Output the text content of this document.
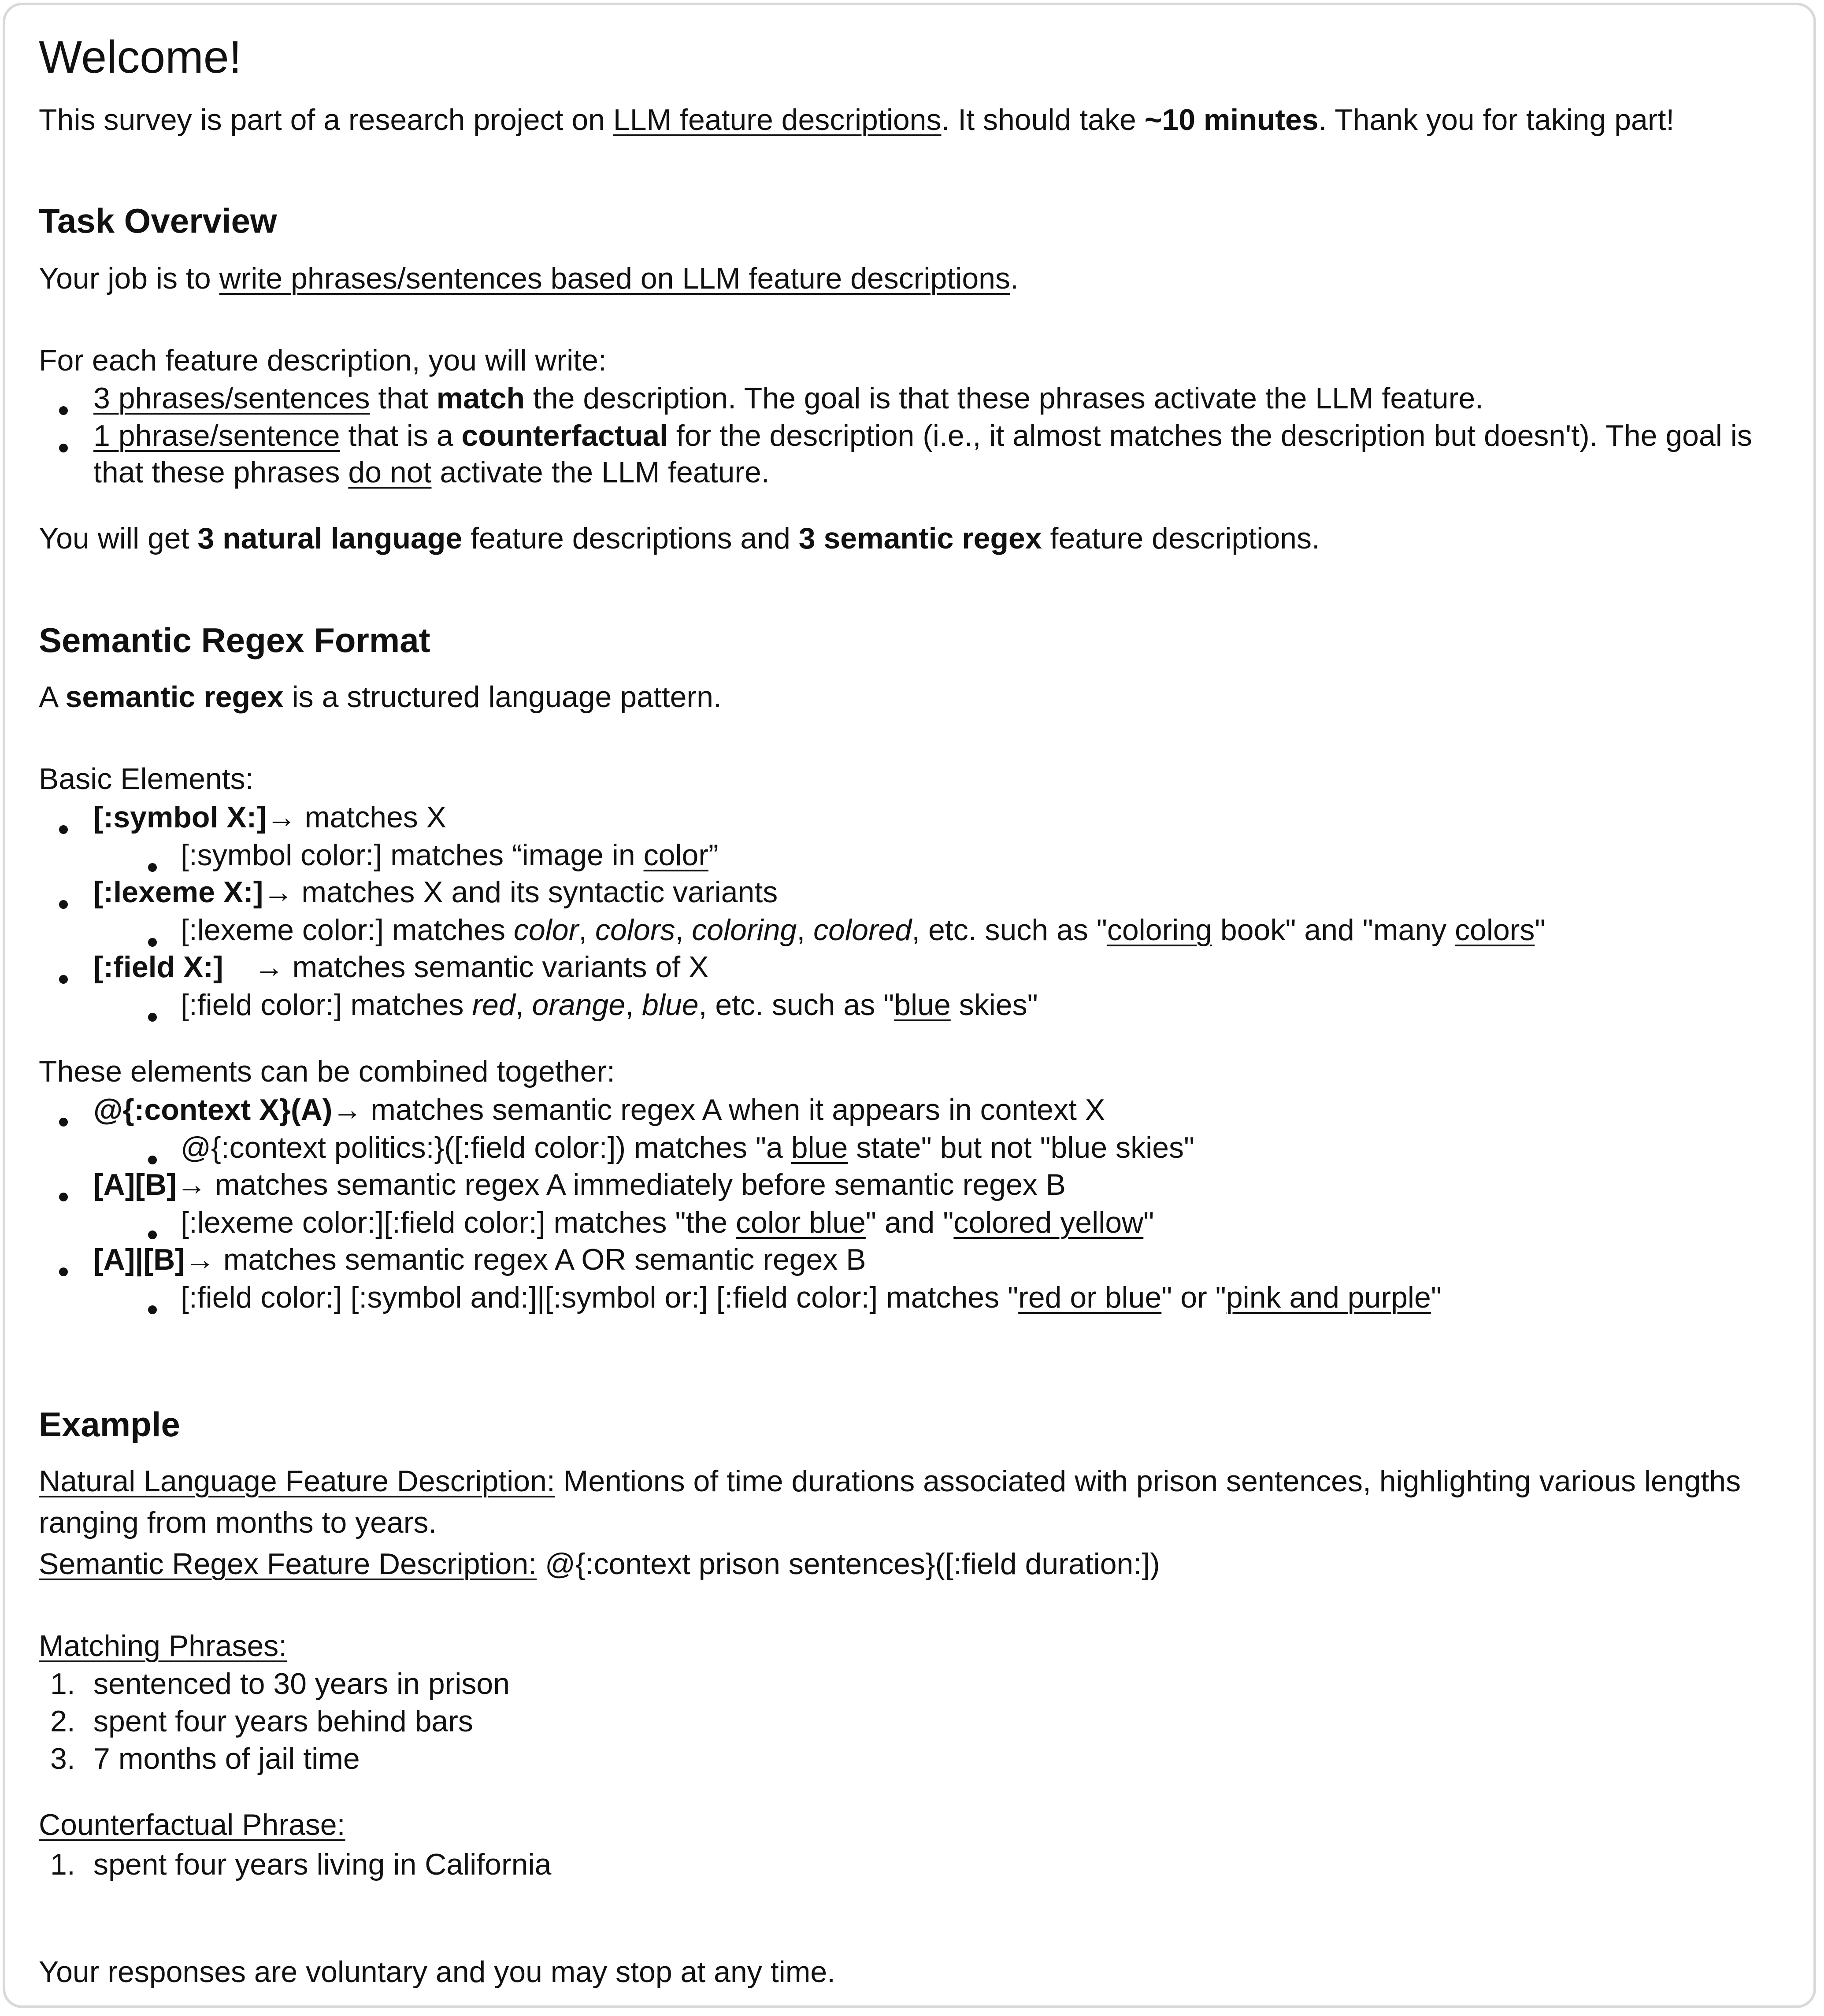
Welcome!
This survey is part of a research project on LLM feature descriptions. It should take ~10 minutes. Thank you for taking part!
Task Overview
Your job is to write phrases/sentences based on LLM feature descriptions.
For each feature description, you will write:
3 phrases/sentences that match the description. The goal is that these phrases activate the LLM feature.
1 phrase/sentence that is a counterfactual for the description (i.e., it almost matches the description but doesn't). The goal is
that these phrases do not activate the LLM feature.
You will get 3 natural language feature descriptions and 3 semantic regex feature descriptions.
Semantic Regex Format
A semantic regex is a structured language pattern.
Basic Elements:
[:symbol X:]→ matches X
[:symbol color:] matches “image in color”
[:lexeme X:]→ matches X and its syntactic variants
[:lexeme color:] matches color, colors, coloring, colored, etc. such as "coloring book" and "many colors"
[:field X:] → matches semantic variants of X
[:field color:] matches red, orange, blue, etc. such as "blue skies"
These elements can be combined together:
@{:context X}(A)→ matches semantic regex A when it appears in context X
@{:context politics:}([:field color:]) matches "a blue state" but not "blue skies"
[A][B]→ matches semantic regex A immediately before semantic regex B
[:lexeme color:][:field color:] matches "the color blue" and "colored yellow"
[A]|[B]→ matches semantic regex A OR semantic regex B
[:field color:] [:symbol and:]|[:symbol or:] [:field color:] matches "red or blue" or "pink and purple"
Example
Natural Language Feature Description: Mentions of time durations associated with prison sentences, highlighting various lengths
ranging from months to years.
Semantic Regex Feature Description: @{:context prison sentences}([:field duration:])
Matching Phrases:
1. sentenced to 30 years in prison
2. spent four years behind bars
3. 7 months of jail time
Counterfactual Phrase:
1. spent four years living in California
Your responses are voluntary and you may stop at any time.
